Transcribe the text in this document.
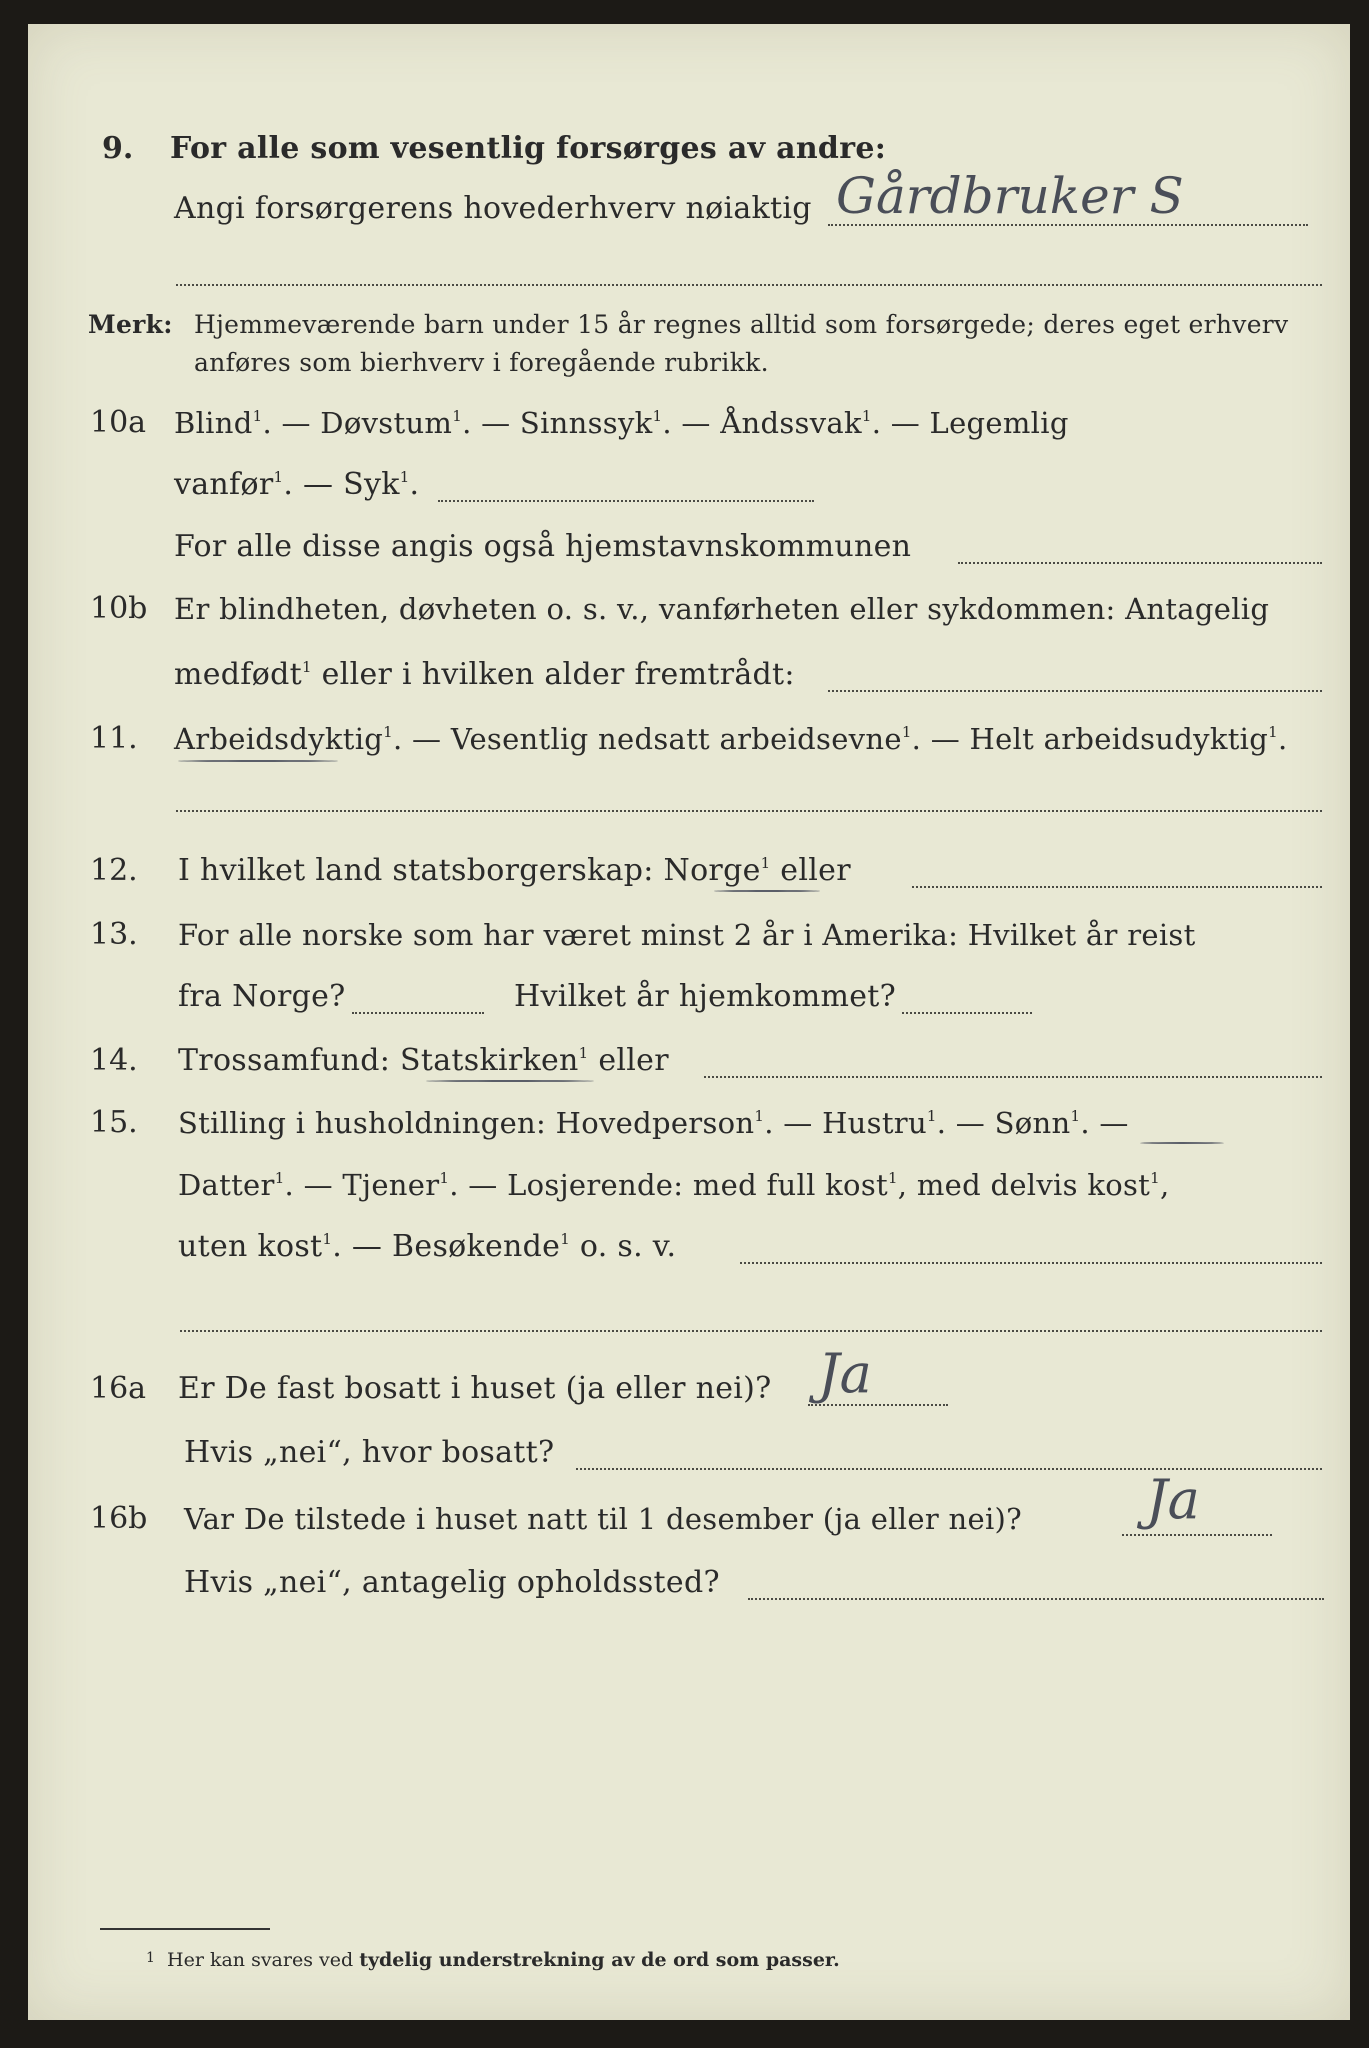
9.	For alle som vesentlig forsørges av andre:
Angi forsørgerens hovederhverv nøiaktig Gårdbruker S
Merk: Hjemmeværende barn under 15 år regnes alltid som forsørgede; deres eget erhverv
anføres som bierhverv i foregående rubrikk.
10a Blind$^1$. — Døvstum$^1$. — Sinnssyk$^1$. — Åndssvak$^1$. — Legemlig
vanfør$^1$. — Syk$^1$.
For alle disse angis også hjemstavnskommunen
10b Er blindheten, døvheten o. s. v., vanførheten eller sykdommen: Antagelig
medfødt$^1$ eller i hvilken alder fremtrådt:
11.	Arbeidsdyktig$^1$. — Vesentlig nedsatt arbeidsevne$^1$. — Helt arbeidsudyktig$^1$.
12.	I hvilket land statsborgerskap: Norge$^1$ eller
13.	For alle norske som har været minst 2 år i Amerika: Hvilket år reist
fra Norge?	Hvilket år hjemkommet?
14.	Trossamfund: Statskirken$^1$ eller
15.	Stilling i husholdningen: Hovedperson$^1$. — Hustru$^1$. — Sønn$^1$. —
Datter$^1$. — Tjener$^1$. — Losjerende: med full kost$^1$, med delvis kost$^1$,
uten kost$^1$. — Besøkende$^1$ o. s. v.
16a	Er De fast bosatt i huset (ja eller nei)? Ja
Hvis „nei“, hvor bosatt?
16b	Var De tilstede i huset natt til 1 desember (ja eller nei)? Ja
Hvis „nei“, antagelig opholdssted?
$^1$ Her kan svares ved tydelig understrekning av de ord som passer.
